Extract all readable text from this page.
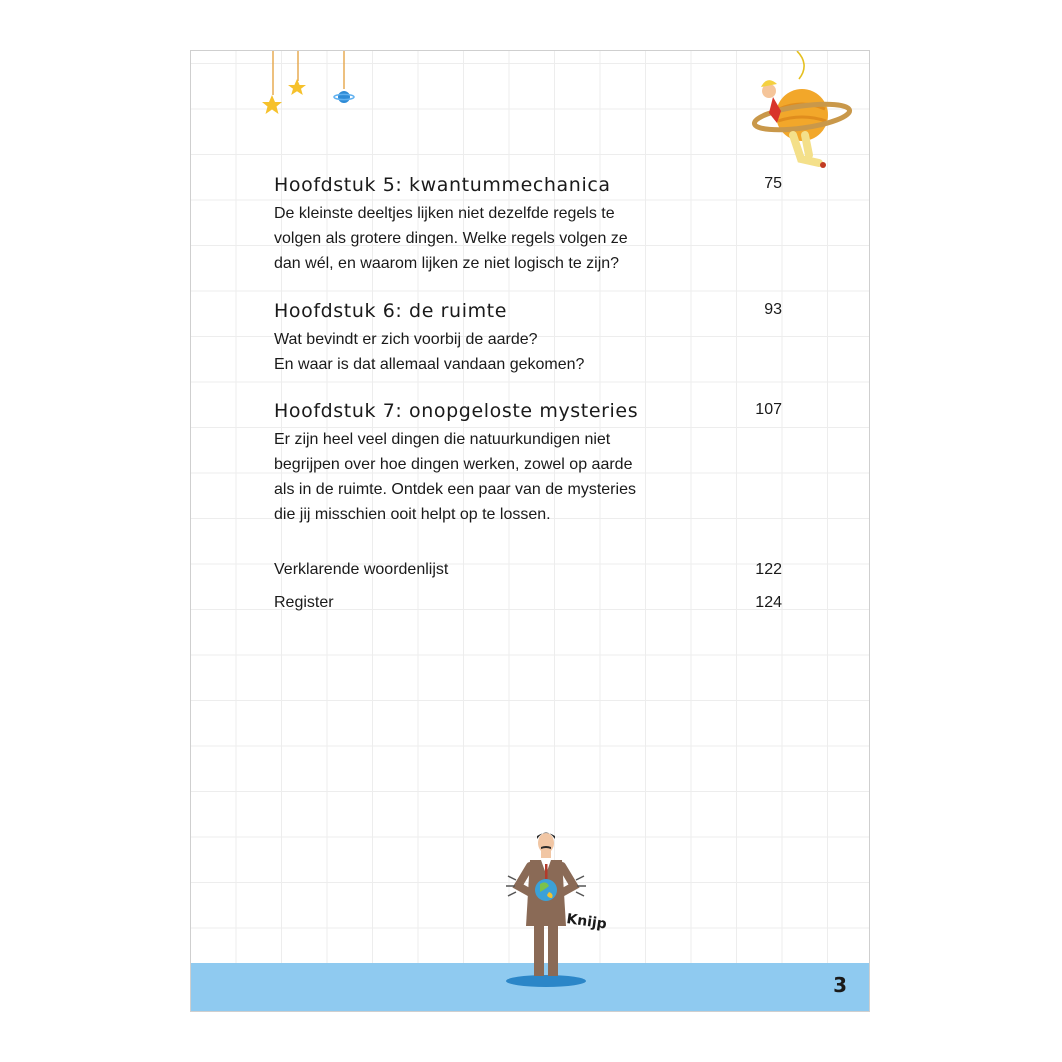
Hoofdstuk 5: kwantummechanica	75
De kleinste deeltjes lijken niet dezelfde regels te
volgen als grotere dingen. Welke regels volgen ze
dan wél, en waarom lijken ze niet logisch te zijn?
Hoofdstuk 6: de ruimte	93
Wat bevindt er zich voorbij de aarde?
En waar is dat allemaal vandaan gekomen?
Hoofdstuk 7: onopgeloste mysteries	107
Er zijn heel veel dingen die natuurkundigen niet
begrijpen over hoe dingen werken, zowel op aarde
als in de ruimte. Ontdek een paar van de mysteries
die jij misschien ooit helpt op te lossen.
Verklarende woordenlijst	122
Register	124
Knijp
3
